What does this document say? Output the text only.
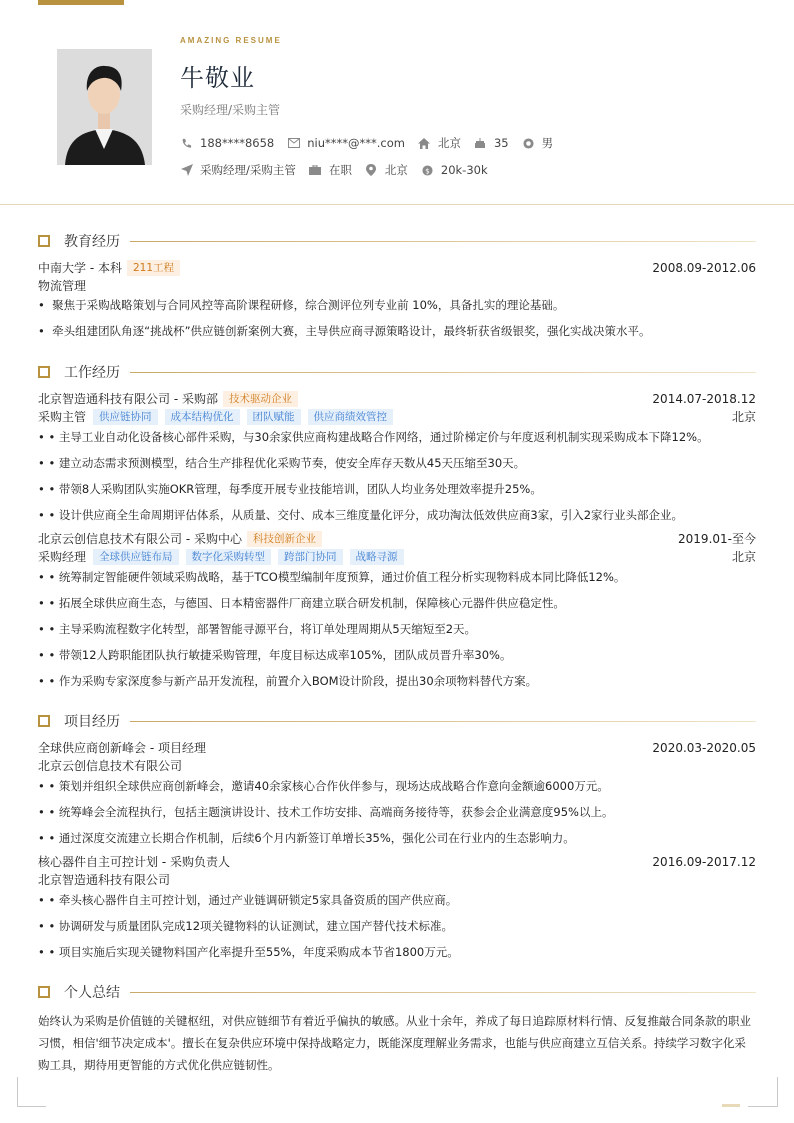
AMAZING RESUME
牛敬业
采购经理/采购主管
188****8658	niu****@***.com	北京	35	男
采购经理/采购主管	在职	北京 $ 20k-30k
教育经历
中南大学 - 本科	211工程	2008.09-2012.06
物流管理
•  聚焦于采购战略策划与合同风控等高阶课程研修，综合测评位列专业前 10%，具备扎实的理论基础。
•  牵头组建团队角逐“挑战杯”供应链创新案例大赛，主导供应商寻源策略设计，最终斩获省级银奖，强化实战决策水平。
工作经历
北京智造通科技有限公司 - 采购部	技术驱动企业	2014.07-2018.12
采购主管	供应链协同	成本结构优化	团队赋能	供应商绩效管控	北京
• • 主导工业自动化设备核心部件采购，与30余家供应商构建战略合作网络，通过阶梯定价与年度返利机制实现采购成本下降12%。
• • 建立动态需求预测模型，结合生产排程优化采购节奏，使安全库存天数从45天压缩至30天。
• • 带领8人采购团队实施OKR管理，每季度开展专业技能培训，团队人均业务处理效率提升25%。
• • 设计供应商全生命周期评估体系，从质量、交付、成本三维度量化评分，成功淘汰低效供应商3家，引入2家行业头部企业。
北京云创信息技术有限公司 - 采购中心	科技创新企业	2019.01-至今
采购经理	全球供应链布局	数字化采购转型	跨部门协同	战略寻源	北京
• • 统筹制定智能硬件领域采购战略，基于TCO模型编制年度预算，通过价值工程分析实现物料成本同比降低12%。
• • 拓展全球供应商生态，与德国、日本精密器件厂商建立联合研发机制，保障核心元器件供应稳定性。
• • 主导采购流程数字化转型，部署智能寻源平台，将订单处理周期从5天缩短至2天。
• • 带领12人跨职能团队执行敏捷采购管理，年度目标达成率105%，团队成员晋升率30%。
• • 作为采购专家深度参与新产品开发流程，前置介入BOM设计阶段，提出30余项物料替代方案。
项目经历
全球供应商创新峰会 - 项目经理	2020.03-2020.05
北京云创信息技术有限公司
• • 策划并组织全球供应商创新峰会，邀请40余家核心合作伙伴参与，现场达成战略合作意向金额逾6000万元。
• • 统筹峰会全流程执行，包括主题演讲设计、技术工作坊安排、高端商务接待等，获参会企业满意度95%以上。
• • 通过深度交流建立长期合作机制，后续6个月内新签订单增长35%，强化公司在行业内的生态影响力。
核心器件自主可控计划 - 采购负责人	2016.09-2017.12
北京智造通科技有限公司
• • 牵头核心器件自主可控计划，通过产业链调研锁定5家具备资质的国产供应商。
• • 协调研发与质量团队完成12项关键物料的认证测试，建立国产替代技术标准。
• • 项目实施后实现关键物料国产化率提升至55%，年度采购成本节省1800万元。
个人总结
始终认为采购是价值链的关键枢纽，对供应链细节有着近乎偏执的敏感。从业十余年，养成了每日追踪原材料行情、反复推敲合同条款的职业习惯，相信'细节决定成本'。擅长在复杂供应环境中保持战略定力，既能深度理解业务需求，也能与供应商建立互信关系。持续学习数字化采购工具，期待用更智能的方式优化供应链韧性。
